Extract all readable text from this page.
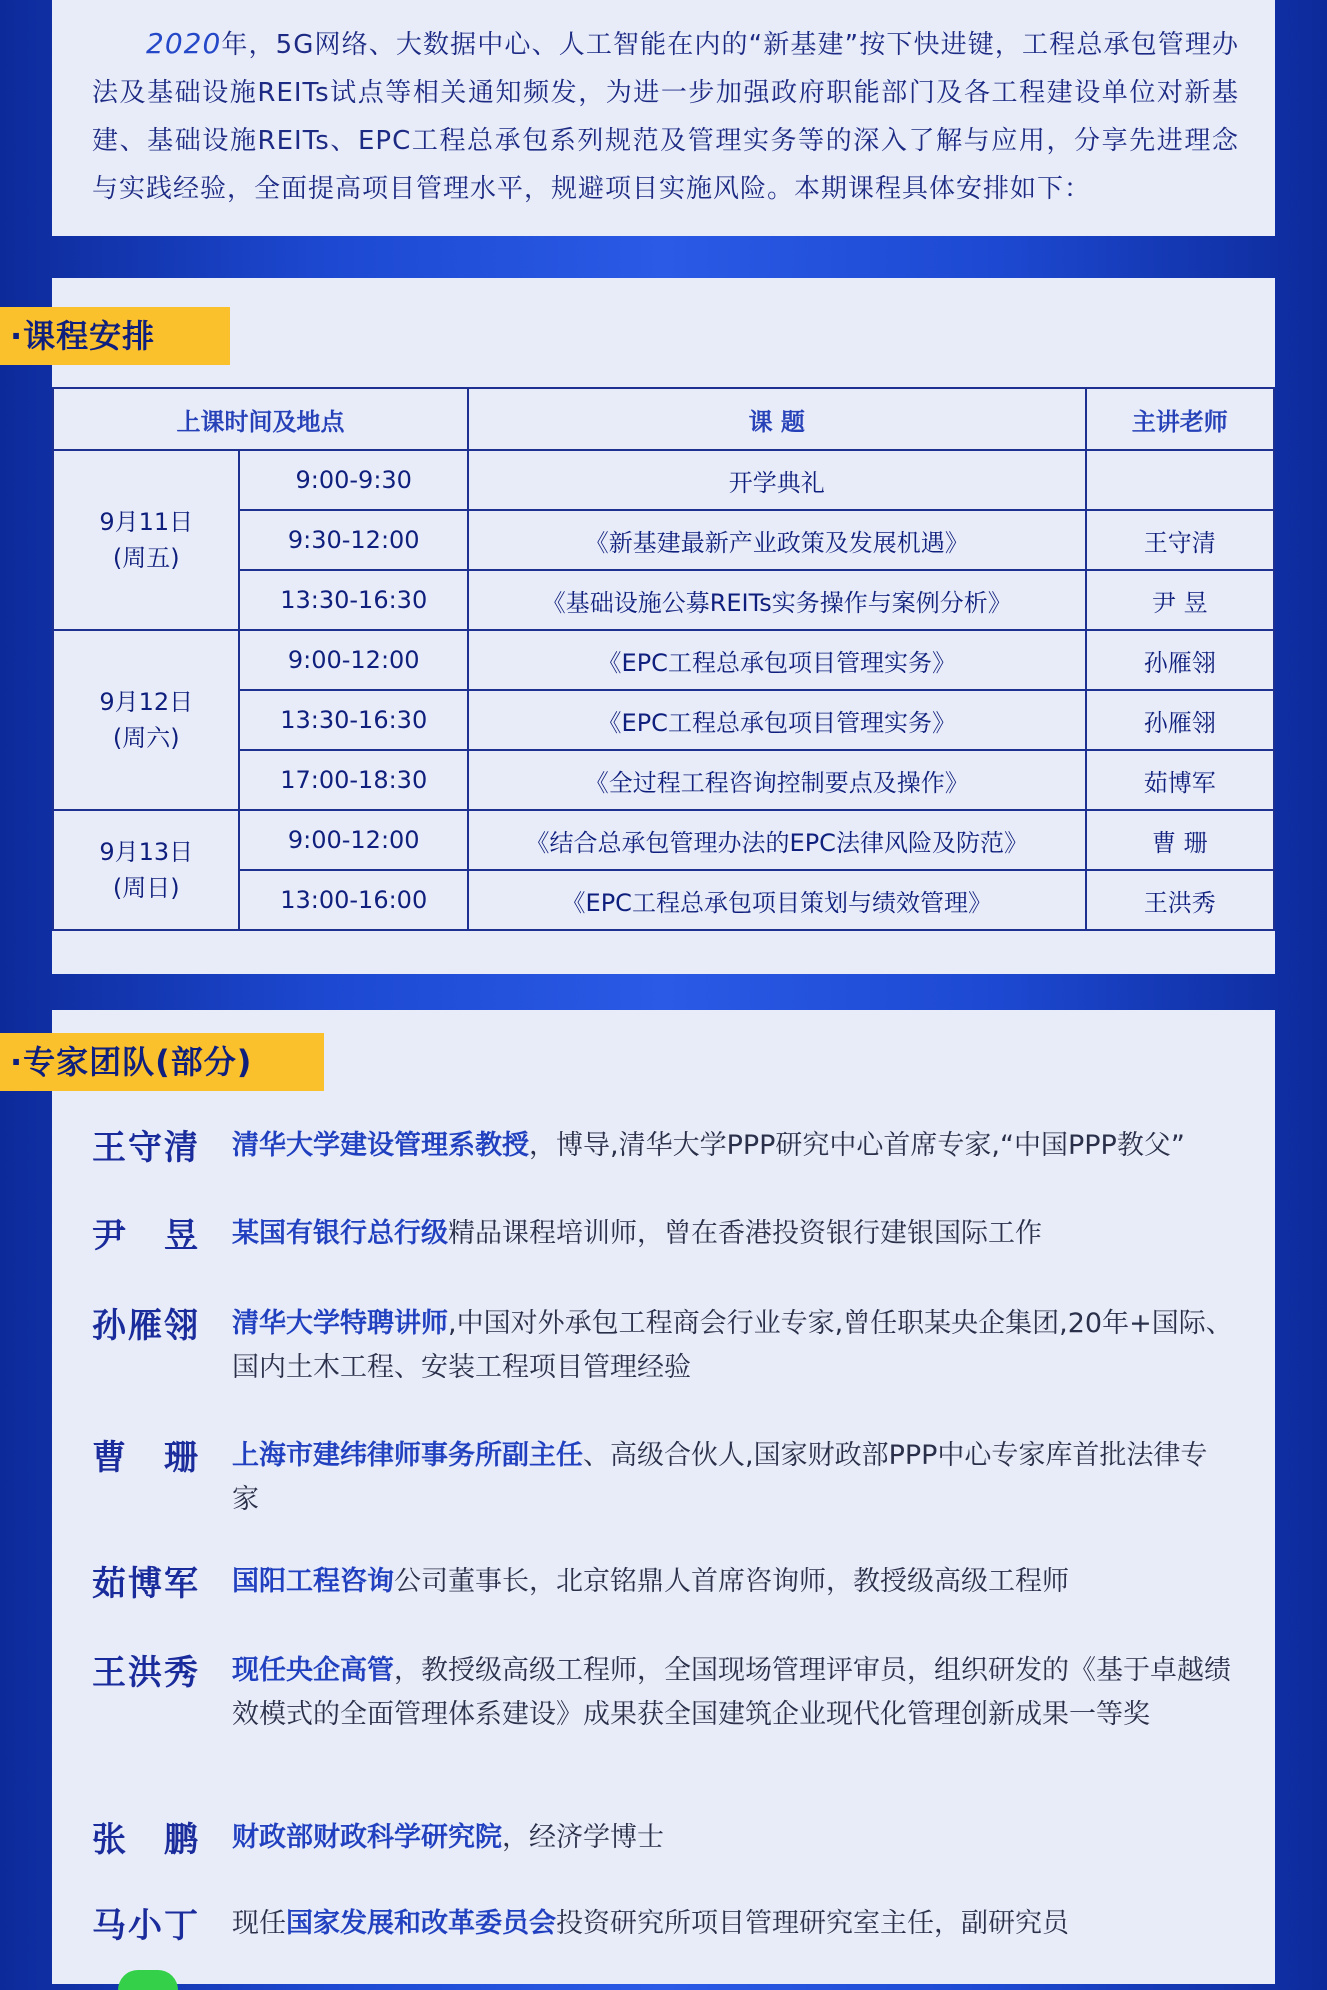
  2020年，5G网络、大数据中心、人工智能在内的“新基建”按下快进键，工程总承包管理办法及基础设施REITs试点等相关通知频发，为进一步加强政府职能部门及各工程建设单位对新基建、基础设施REITs、EPC工程总承包系列规范及管理实务等的深入了解与应用，分享先进理念与实践经验，全面提高项目管理水平，规避项目实施风险。本期课程具体安排如下：

·课程安排
上课时间及地点		课 题	主讲老师
9月11日
(周五)	9:00-9:30	开学典礼	
	9:30-12:00	《新基建最新产业政策及发展机遇》	王守清
	13:30-16:30	《基础设施公募REITs实务操作与案例分析》	尹 昱
9月12日
(周六)	9:00-12:00	《EPC工程总承包项目管理实务》	孙雁翎
	13:30-16:30	《EPC工程总承包项目管理实务》	孙雁翎
	17:00-18:30	《全过程工程咨询控制要点及操作》	茹博军
9月13日
(周日)	9:00-12:00	《结合总承包管理办法的EPC法律风险及防范》	曹 珊
	13:00-16:00	《EPC工程总承包项目策划与绩效管理》	王洪秀
·专家团队(部分)
王守清	清华大学建设管理系教授，博导,清华大学PPP研究中心首席专家,“中国PPP教父”
尹　昱	某国有银行总行级精品课程培训师，曾在香港投资银行建银国际工作
孙雁翎	清华大学特聘讲师,中国对外承包工程商会行业专家,曾任职某央企集团,20年+国际、国内土木工程、安装工程项目管理经验
曹　珊	上海市建纬律师事务所副主任、高级合伙人,国家财政部PPP中心专家库首批法律专家
茹博军	国阳工程咨询公司董事长，北京铭鼎人首席咨询师，教授级高级工程师
王洪秀	现任央企高管，教授级高级工程师，全国现场管理评审员，组织研发的《基于卓越绩效模式的全面管理体系建设》成果获全国建筑企业现代化管理创新成果一等奖
张　鹏	财政部财政科学研究院，经济学博士
马小丁	现任国家发展和改革委员会投资研究所项目管理研究室主任，副研究员
